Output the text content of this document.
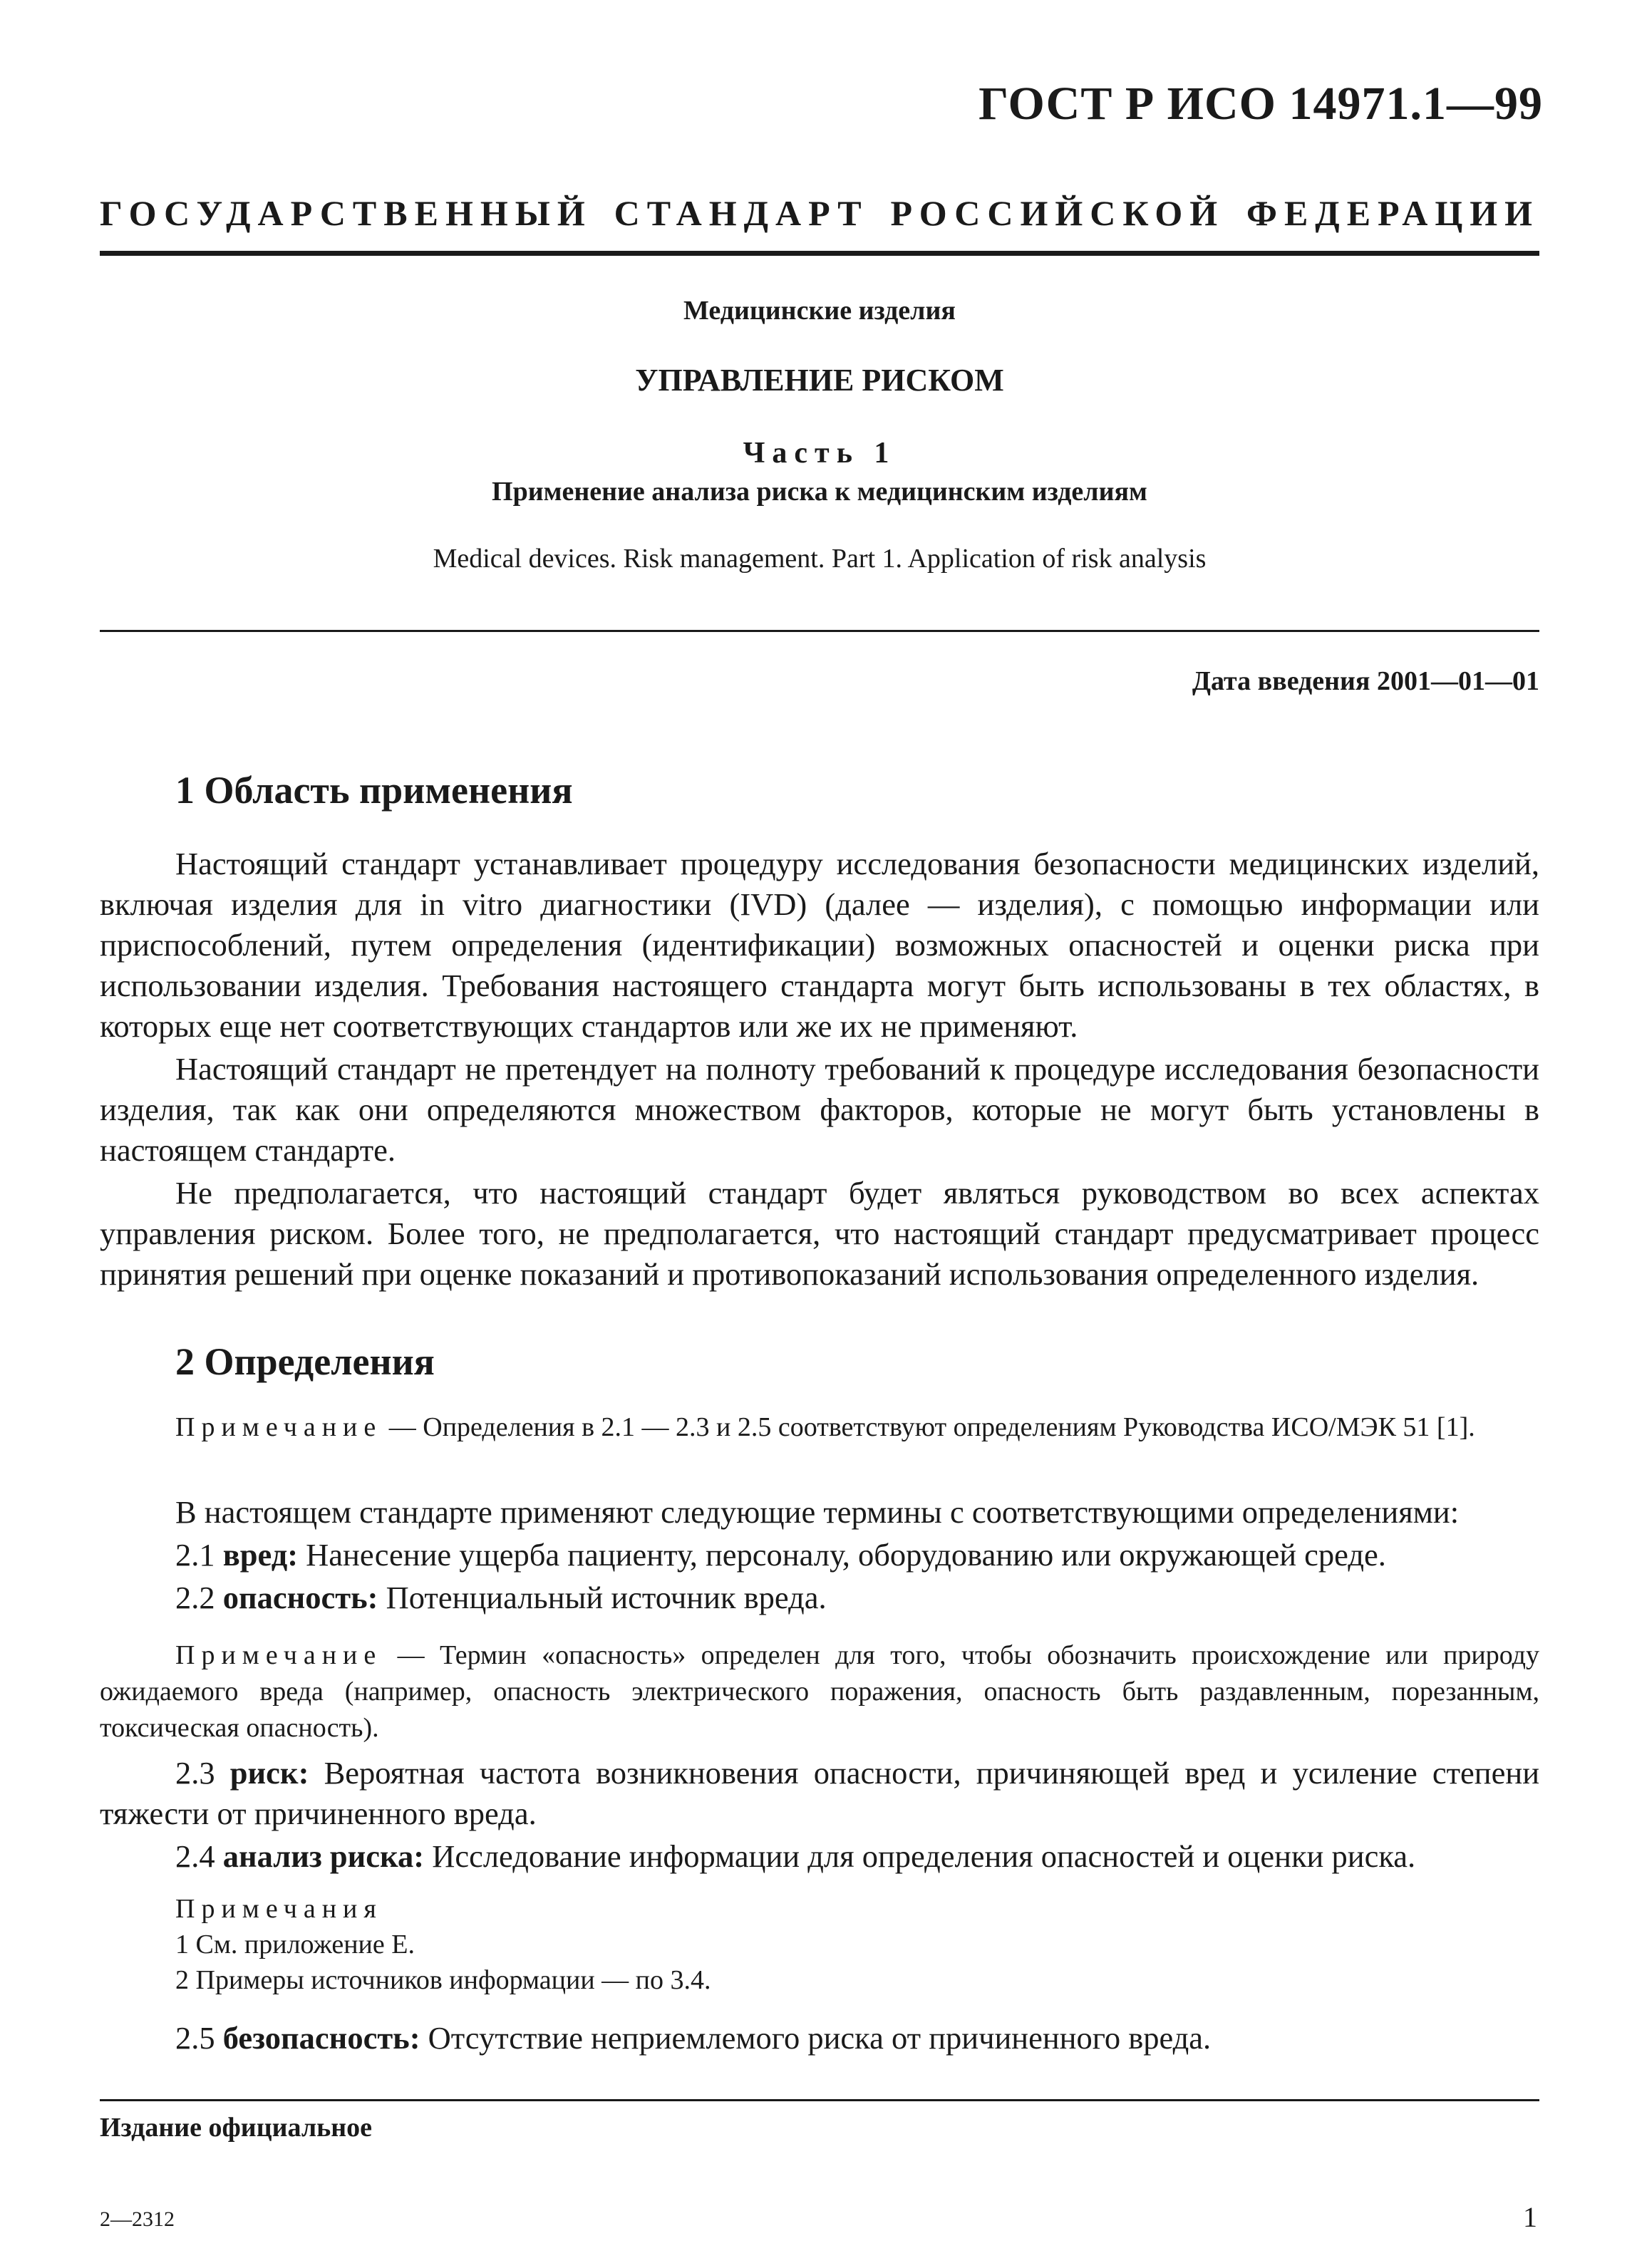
ГОСТ Р ИСО 14971.1—99
ГОСУДАРСТВЕННЫЙ СТАНДАРТ РОССИЙСКОЙ ФЕДЕРАЦИИ
Медицинские изделия
УПРАВЛЕНИЕ РИСКОМ
Часть 1
Применение анализа риска к медицинским изделиям
Medical devices. Risk management. Part 1. Application of risk analysis
Дата введения 2001—01—01
1 Область применения

Настоящий стандарт устанавливает процедуру исследования безопасности медицинских изделий, включая изделия для in vitro диагностики (IVD) (далее — изделия), с помощью информации или приспособлений, путем определения (идентификации) возможных опасностей и оценки риска при использовании изделия. Требования настоящего стандарта могут быть использованы в тех областях, в которых еще нет соответствующих стандартов или же их не применяют.

Настоящий стандарт не претендует на полноту требований к процедуре исследования безопасности изделия, так как они определяются множеством факторов, которые не могут быть установлены в настоящем стандарте.

Не предполагается, что настоящий стандарт будет являться руководством во всех аспектах управления риском. Более того, не предполагается, что настоящий стандарт предусматривает процесс принятия решений при оценке показаний и противопоказаний использования определенного изделия.

2 Определения

Примечание — Определения в 2.1 — 2.3 и 2.5 соответствуют определениям Руководства ИСО/МЭК 51 [1].

В настоящем стандарте применяют следующие термины с соответствующими определениями:

2.1 вред: Нанесение ущерба пациенту, персоналу, оборудованию или окружающей среде.

2.2 опасность: Потенциальный источник вреда.

Примечание — Термин «опасность» определен для того, чтобы обозначить происхождение или природу ожидаемого вреда (например, опасность электрического поражения, опасность быть раздавленным, порезанным, токсическая опасность).

2.3 риск: Вероятная частота возникновения опасности, причиняющей вред и усиление степени тяжести от причиненного вреда.

2.4 анализ риска: Исследование информации для определения опасностей и оценки риска.

Примечания

1 См. приложение Е.

2 Примеры источников информации — по 3.4.

2.5 безопасность: Отсутствие неприемлемого риска от причиненного вреда.

Издание официальное
2—2312	1
